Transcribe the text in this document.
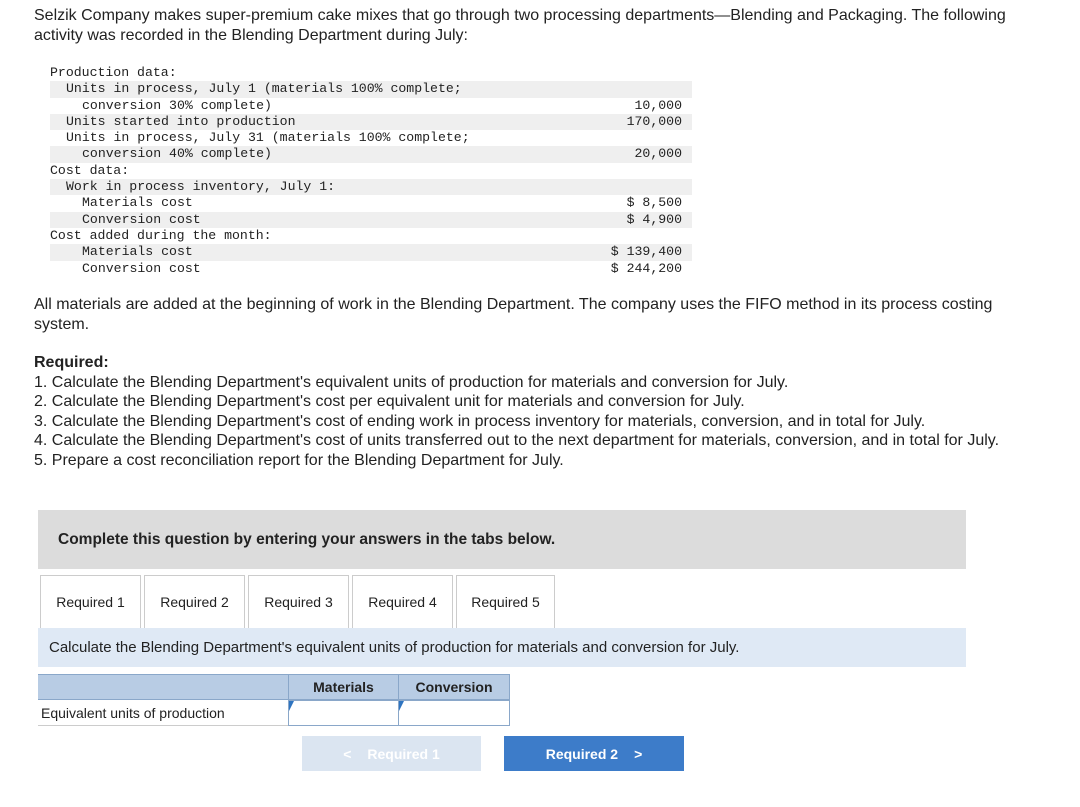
Selzik Company makes super-premium cake mixes that go through two processing departments—Blending and Packaging. The following activity was recorded in the Blending Department during July:

Production data:
Units in process, July 1 (materials 100% complete;
conversion 30% complete)	10,000
Units started into production	170,000
Units in process, July 31 (materials 100% complete;
conversion 40% complete)	20,000
Cost data:
Work in process inventory, July 1:
Materials cost	$ 8,500
Conversion cost	$ 4,900
Cost added during the month:
Materials cost	$ 139,400
Conversion cost	$ 244,200

All materials are added at the beginning of work in the Blending Department. The company uses the FIFO method in its process costing system.

Required:
1. Calculate the Blending Department's equivalent units of production for materials and conversion for July.
2. Calculate the Blending Department's cost per equivalent unit for materials and conversion for July.
3. Calculate the Blending Department's cost of ending work in process inventory for materials, conversion, and in total for July.
4. Calculate the Blending Department's cost of units transferred out to the next department for materials, conversion, and in total for July.
5. Prepare a cost reconciliation report for the Blending Department for July.
Complete this question by entering your answers in the tabs below.
Required 1	Required 2	Required 3	Required 4	Required 5
Calculate the Blending Department's equivalent units of production for materials and conversion for July.
Materials	Conversion
Equivalent units of production
< Required 1	Required 2 >
